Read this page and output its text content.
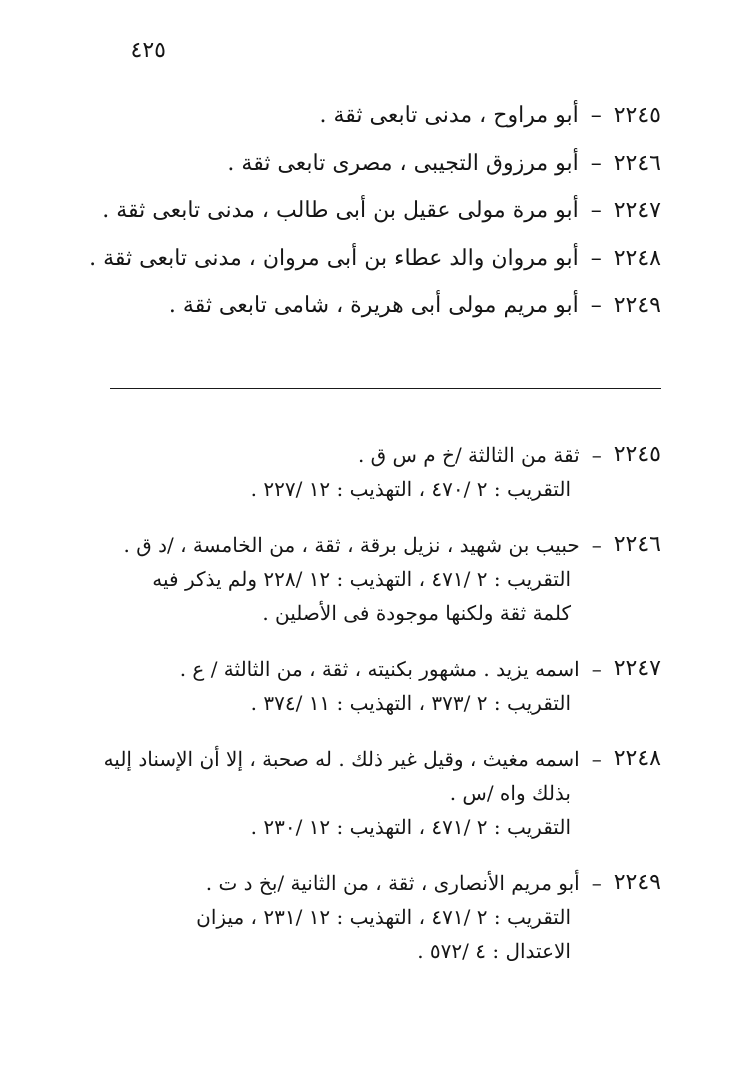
٤٢٥
٢٢٤٥
–
أبو مراوح ، مدنى تابعى ثقة .
٢٢٤٦
–
أبو مرزوق التجيبى ، مصرى تابعى ثقة .
٢٢٤٧
–
أبو مرة مولى عقيل بن أبى طالب ، مدنى تابعى ثقة .
٢٢٤٨
–
أبو مروان والد عطاء بن أبى مروان ، مدنى تابعى ثقة .
٢٢٤٩
–
أبو مريم مولى أبى هريرة ، شامى تابعى ثقة .
٢٢٤٥
–
ثقة من الثالثة /خ م س ق .
التقريب : ٢ /٤٧٠ ، التهذيب : ١٢ /٢٢٧ .
٢٢٤٦
–
حبيب بن شهيد ، نزيل برقة ، ثقة ، من الخامسة ، /د ق .
التقريب : ٢ /٤٧١ ، التهذيب : ١٢ /٢٢٨ ولم يذكر فيه
كلمة ثقة ولكنها موجودة فى الأصلين .
٢٢٤٧
–
اسمه يزيد . مشهور بكنيته ، ثقة ، من الثالثة / ع .
التقريب : ٢ /٣٧٣ ، التهذيب : ١١ /٣٧٤ .
٢٢٤٨
–
اسمه مغيث ، وقيل غير ذلك . له صحبة ، إلا أن الإسناد إليه
بذلك واه /س .
التقريب : ٢ /٤٧١ ، التهذيب : ١٢ /٢٣٠ .
٢٢٤٩
–
أبو مريم الأنصارى ، ثقة ، من الثانية /بخ د ت .
التقريب : ٢ /٤٧١ ، التهذيب : ١٢ /٢٣١ ، ميزان
الاعتدال : ٤ /٥٧٢ .
